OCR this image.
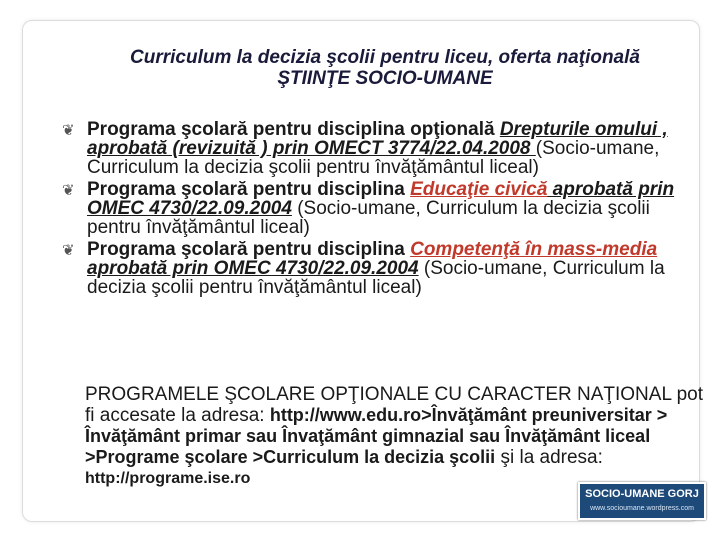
Curriculum la decizia şcolii pentru liceu, oferta naţională
ŞTIINŢE SOCIO-UMANE
❦ Programa şcolară pentru disciplina opţională Drepturile omului , aprobată (revizuită ) prin OMECT 3774/22.04.2008 (Socio-umane, Curriculum la decizia şcolii pentru învăţământul liceal)
❦ Programa şcolară pentru disciplina Educaţie civică aprobată prin OMEC 4730/22.09.2004 (Socio-umane, Curriculum la decizia şcolii pentru învăţământul liceal)
❦ Programa şcolară pentru disciplina Competenţă în mass-media aprobată prin OMEC 4730/22.09.2004 (Socio-umane, Curriculum la decizia şcolii pentru învăţământul liceal)
PROGRAMELE ŞCOLARE OPŢIONALE CU CARACTER NAŢIONAL pot fi accesate la adresa: http://www.edu.ro>Învăţământ preuniversitar > Învăţământ primar sau Învaţământ gimnazial sau Învăţământ liceal >Programe şcolare >Curriculum la decizia şcolii şi la adresa: http://programe.ise.ro
SOCIO-UMANE GORJ
www.socioumane.wordpress.com
